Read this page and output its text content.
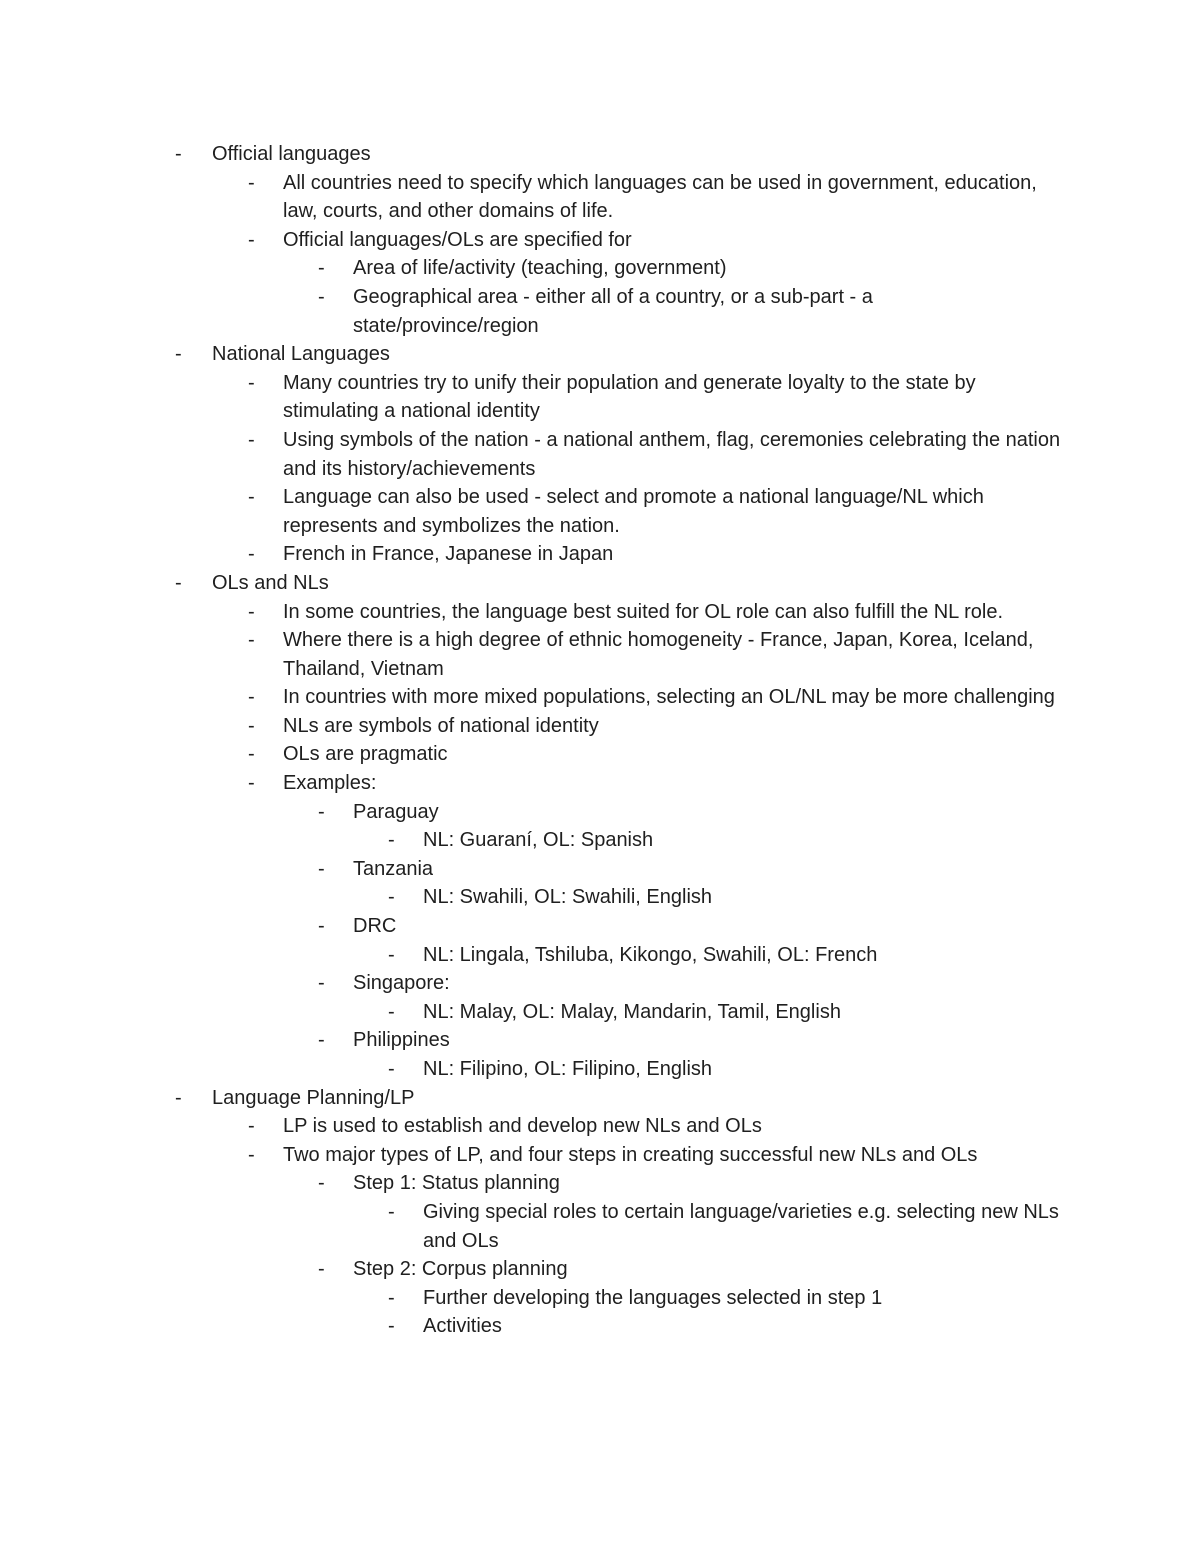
-	Official languages
-	All countries need to specify which languages can be used in government, education, law, courts, and other domains of life.
-	Official languages/OLs are specified for
-	Area of life/activity (teaching, government)
-	Geographical area - either all of a country, or a sub-part - a state/province/region
-	National Languages
-	Many countries try to unify their population and generate loyalty to the state by stimulating a national identity
-	Using symbols of the nation - a national anthem, flag, ceremonies celebrating the nation and its history/achievements
-	Language can also be used - select and promote a national language/NL which represents and symbolizes the nation.
-	French in France, Japanese in Japan
-	OLs and NLs
-	In some countries, the language best suited for OL role can also fulfill the NL role.
-	Where there is a high degree of ethnic homogeneity - France, Japan, Korea, Iceland, Thailand, Vietnam
-	In countries with more mixed populations, selecting an OL/NL may be more challenging
-	NLs are symbols of national identity
-	OLs are pragmatic
-	Examples:
-	Paraguay
-	NL: Guaraní, OL: Spanish
-	Tanzania
-	NL: Swahili, OL: Swahili, English
-	DRC
-	NL: Lingala, Tshiluba, Kikongo, Swahili, OL: French
-	Singapore:
-	NL: Malay, OL: Malay, Mandarin, Tamil, English
-	Philippines
-	NL: Filipino, OL: Filipino, English
-	Language Planning/LP
-	LP is used to establish and develop new NLs and OLs
-	Two major types of LP, and four steps in creating successful new NLs and OLs
-	Step 1: Status planning
-	Giving special roles to certain language/varieties e.g. selecting new NLs and OLs
-	Step 2: Corpus planning
-	Further developing the languages selected in step 1
-	Activities
